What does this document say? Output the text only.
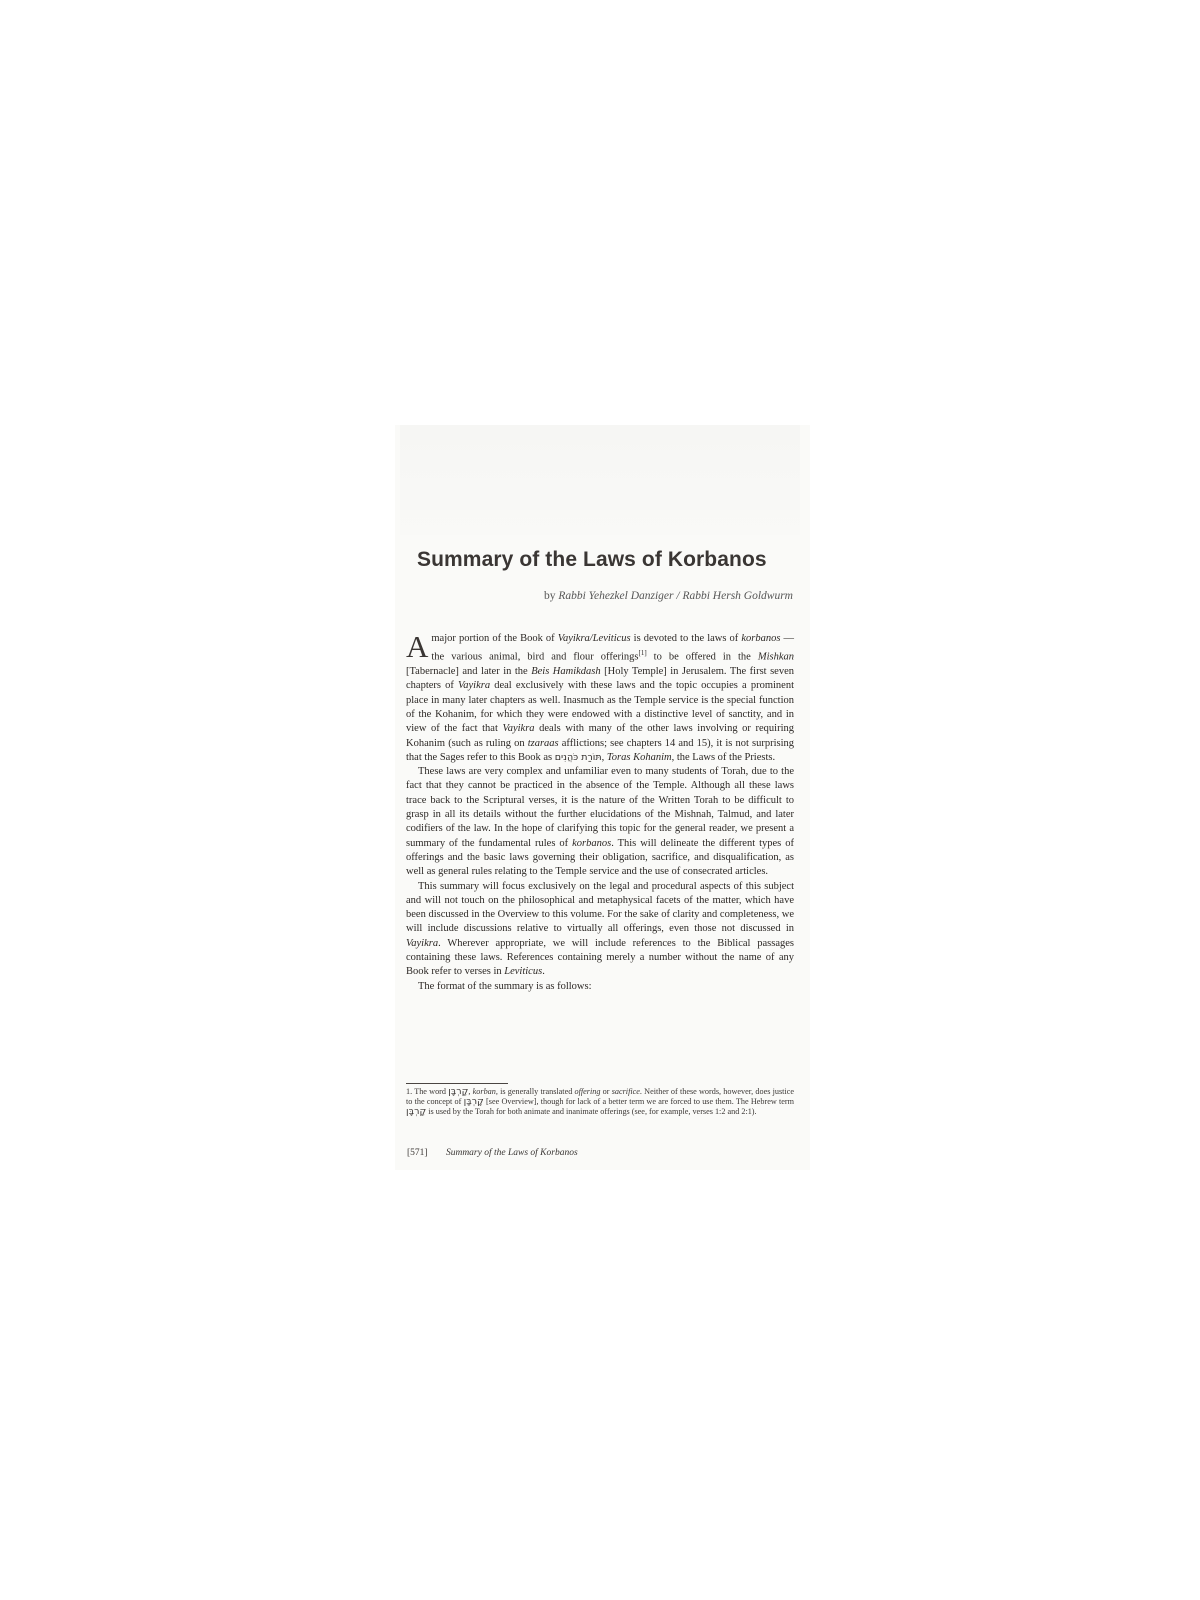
Summary of the Laws of Korbanos
by Rabbi Yehezkel Danziger / Rabbi Hersh Goldwurm

A major portion of the Book of Vayikra/Leviticus is devoted to the laws of korbanos — the various animal, bird and flour offerings[1] to be offered in the Mishkan [Tabernacle] and later in the Beis Hamikdash [Holy Temple] in Jerusalem. The first seven chapters of Vayikra deal exclusively with these laws and the topic occupies a prominent place in many later chapters as well. Inasmuch as the Temple service is the special function of the Kohanim, for which they were endowed with a distinctive level of sanctity, and in view of the fact that Vayikra deals with many of the other laws involving or requiring Kohanim (such as ruling on tzaraas afflictions; see chapters 14 and 15), it is not surprising that the Sages refer to this Book as תּוֹרַת כֹּהֲנִים, Toras Kohanim, the Laws of the Priests.

These laws are very complex and unfamiliar even to many students of Torah, due to the fact that they cannot be practiced in the absence of the Temple. Although all these laws trace back to the Scriptural verses, it is the nature of the Written Torah to be difficult to grasp in all its details without the further elucidations of the Mishnah, Talmud, and later codifiers of the law. In the hope of clarifying this topic for the general reader, we present a summary of the fundamental rules of korbanos. This will delineate the different types of offerings and the basic laws governing their obligation, sacrifice, and disqualification, as well as general rules relating to the Temple service and the use of consecrated articles.

This summary will focus exclusively on the legal and procedural aspects of this subject and will not touch on the philosophical and metaphysical facets of the matter, which have been discussed in the Overview to this volume. For the sake of clarity and completeness, we will include discussions relative to virtually all offerings, even those not discussed in Vayikra. Wherever appropriate, we will include references to the Biblical passages containing these laws. References containing merely a number without the name of any Book refer to verses in Leviticus.

The format of the summary is as follows:

1. The word קָרְבָּן, korban, is generally translated offering or sacrifice. Neither of these words, however, does justice to the concept of קָרְבָּן [see Overview], though for lack of a better term we are forced to use them. The Hebrew term קָרְבָּן is used by the Torah for both animate and inanimate offerings (see, for example, verses 1:2 and 2:1).
[571] Summary of the Laws of Korbanos
